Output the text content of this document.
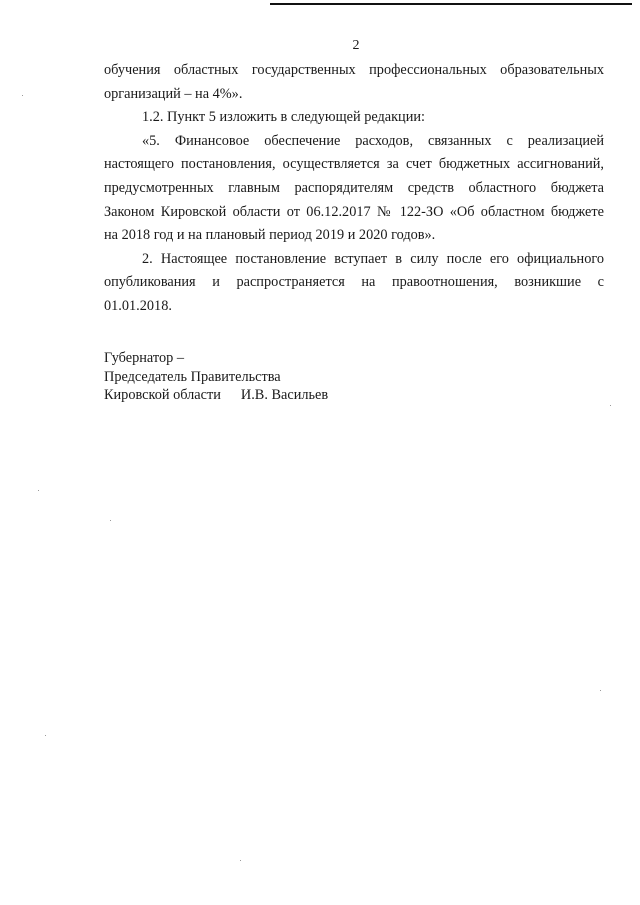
2
обучения областных государственных профессиональных образовательных
организаций – на 4%».
1.2. Пункт 5 изложить в следующей редакции:
«5. Финансовое обеспечение расходов, связанных с реализацией
настоящего постановления, осуществляется за счет бюджетных ассигнований,
предусмотренных главным распорядителям средств областного бюджета
Законом Кировской области от 06.12.2017 № 122-ЗО «Об областном бюджете
на 2018 год и на плановый период 2019 и 2020 годов».
2. Настоящее постановление вступает в силу после его официального
опубликования и распространяется на правоотношения, возникшие с
01.01.2018.
Губернатор –
Председатель Правительства
Кировской области И.В. Васильев
